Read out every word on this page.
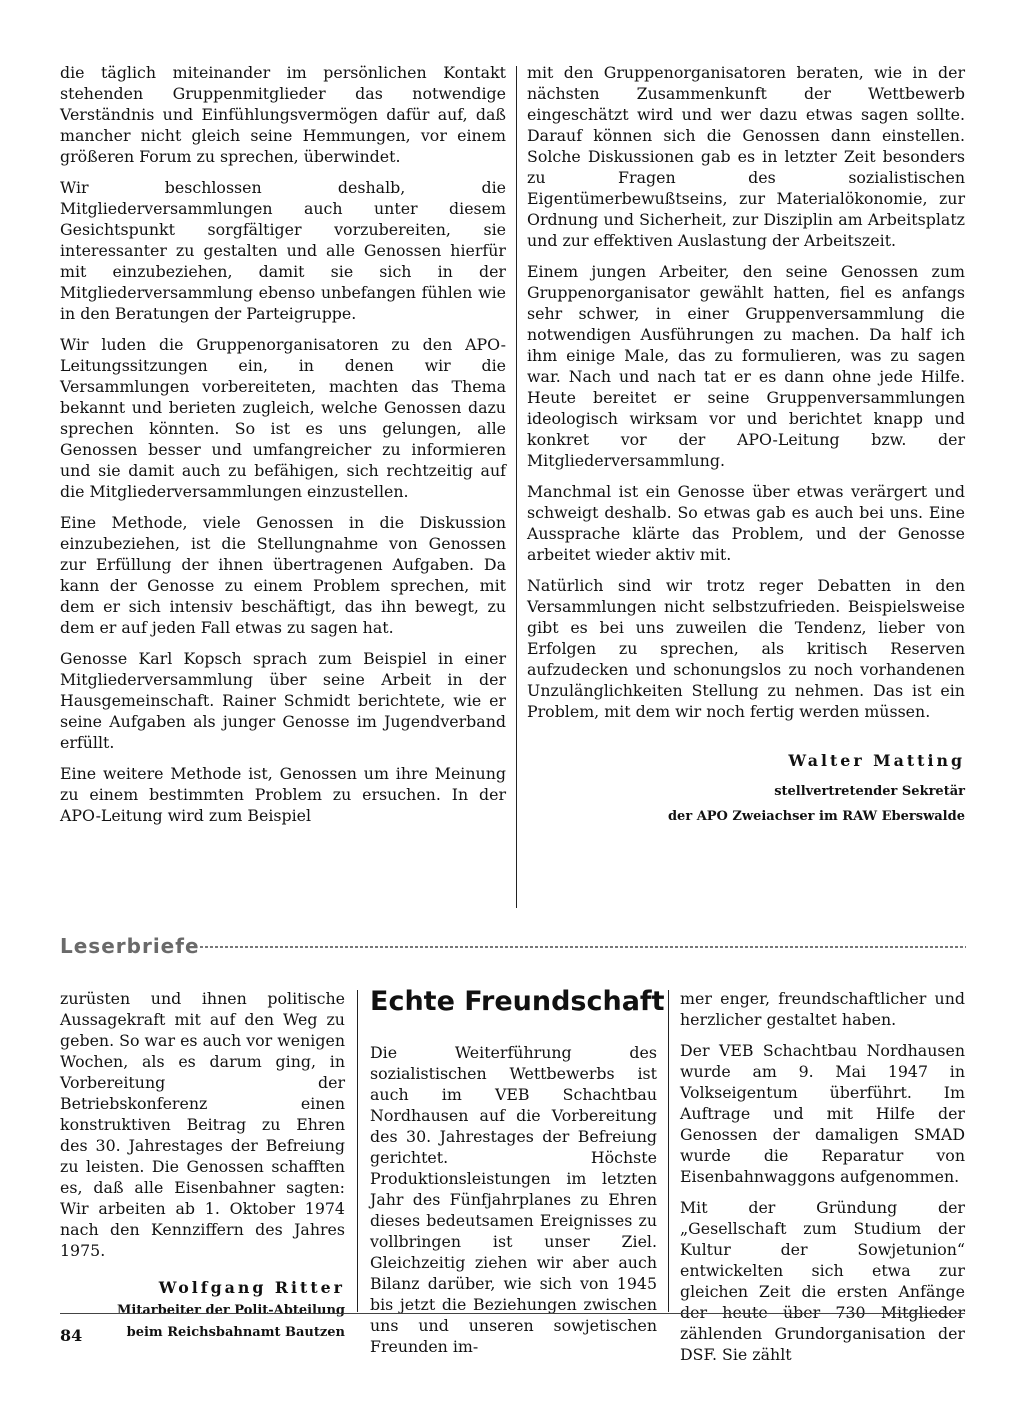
die täglich miteinander im persönlichen Kontakt stehenden Gruppenmitglieder das notwendige Verständnis und Einfühlungsvermögen dafür auf, daß mancher nicht gleich seine Hemmungen, vor einem größeren Forum zu sprechen, überwindet.

Wir beschlossen deshalb, die Mitgliederversammlungen auch unter diesem Gesichtspunkt sorgfältiger vorzubereiten, sie interessanter zu gestalten und alle Genossen hierfür mit einzubeziehen, damit sie sich in der Mitgliederversammlung ebenso unbefangen fühlen wie in den Beratungen der Parteigruppe.

Wir luden die Gruppenorganisatoren zu den APO-Leitungssitzungen ein, in denen wir die Versammlungen vorbereiteten, machten das Thema bekannt und berieten zugleich, welche Genossen dazu sprechen könnten. So ist es uns gelungen, alle Genossen besser und umfangreicher zu informieren und sie damit auch zu befähigen, sich rechtzeitig auf die Mitgliederversammlungen einzustellen.

Eine Methode, viele Genossen in die Diskussion einzubeziehen, ist die Stellungnahme von Genossen zur Erfüllung der ihnen übertragenen Aufgaben. Da kann der Genosse zu einem Problem sprechen, mit dem er sich intensiv beschäftigt, das ihn bewegt, zu dem er auf jeden Fall etwas zu sagen hat.

Genosse Karl Kopsch sprach zum Beispiel in einer Mitgliederversammlung über seine Arbeit in der Hausgemeinschaft. Rainer Schmidt berichtete, wie er seine Aufgaben als junger Genosse im Jugendverband erfüllt.

Eine weitere Methode ist, Genossen um ihre Meinung zu einem bestimmten Problem zu ersuchen. In der APO-Leitung wird zum Beispiel

mit den Gruppenorganisatoren beraten, wie in der nächsten Zusammenkunft der Wettbewerb eingeschätzt wird und wer dazu etwas sagen sollte. Darauf können sich die Genossen dann einstellen. Solche Diskussionen gab es in letzter Zeit besonders zu Fragen des sozialistischen Eigentümerbewußtseins, zur Materialökonomie, zur Ordnung und Sicherheit, zur Disziplin am Arbeitsplatz und zur effektiven Auslastung der Arbeitszeit.

Einem jungen Arbeiter, den seine Genossen zum Gruppenorganisator gewählt hatten, fiel es anfangs sehr schwer, in einer Gruppenversammlung die notwendigen Ausführungen zu machen. Da half ich ihm einige Male, das zu formulieren, was zu sagen war. Nach und nach tat er es dann ohne jede Hilfe. Heute bereitet er seine Gruppenversammlungen ideologisch wirksam vor und berichtet knapp und konkret vor der APO-Leitung bzw. der Mitgliederversammlung.

Manchmal ist ein Genosse über etwas verärgert und schweigt deshalb. So etwas gab es auch bei uns. Eine Aussprache klärte das Problem, und der Genosse arbeitet wieder aktiv mit.

Natürlich sind wir trotz reger Debatten in den Versammlungen nicht selbstzufrieden. Beispielsweise gibt es bei uns zuweilen die Tendenz, lieber von Erfolgen zu sprechen, als kritisch Reserven aufzudecken und schonungslos zu noch vorhandenen Unzulänglichkeiten Stellung zu nehmen. Das ist ein Problem, mit dem wir noch fertig werden müssen.

Walter Matting

stellvertretender Sekretär

der APO Zweiachser im RAW Eberswalde

Leserbriefe

zurüsten und ihnen politische Aussagekraft mit auf den Weg zu geben. So war es auch vor wenigen Wochen, als es darum ging, in Vorbereitung der Betriebskonferenz einen konstruktiven Beitrag zu Ehren des 30. Jahrestages der Befreiung zu leisten. Die Genossen schafften es, daß alle Eisenbahner sagten: Wir arbeiten ab 1. Oktober 1974 nach den Kennziffern des Jahres 1975.

Wolfgang Ritter

Mitarbeiter der Polit-Abteilung

beim Reichsbahnamt Bautzen

Echte Freundschaft

Die Weiterführung des sozialistischen Wettbewerbs ist auch im VEB Schachtbau Nordhausen auf die Vorbereitung des 30. Jahrestages der Befreiung gerichtet. Höchste Produktionsleistungen im letzten Jahr des Fünfjahrplanes zu Ehren dieses bedeutsamen Ereignisses zu vollbringen ist unser Ziel. Gleichzeitig ziehen wir aber auch Bilanz darüber, wie sich von 1945 bis jetzt die Beziehungen zwischen uns und unseren sowjetischen Freunden im-

mer enger, freundschaftlicher und herzlicher gestaltet haben.

Der VEB Schachtbau Nordhausen wurde am 9. Mai 1947 in Volkseigentum überführt. Im Auftrage und mit Hilfe der Genossen der damaligen SMAD wurde die Reparatur von Eisenbahnwaggons aufgenommen.

Mit der Gründung der „Gesellschaft zum Studium der Kultur der Sowjetunion“ entwickelten sich etwa zur gleichen Zeit die ersten Anfänge der heute über 730 Mitglieder zählenden Grundorganisation der DSF. Sie zählt

84
